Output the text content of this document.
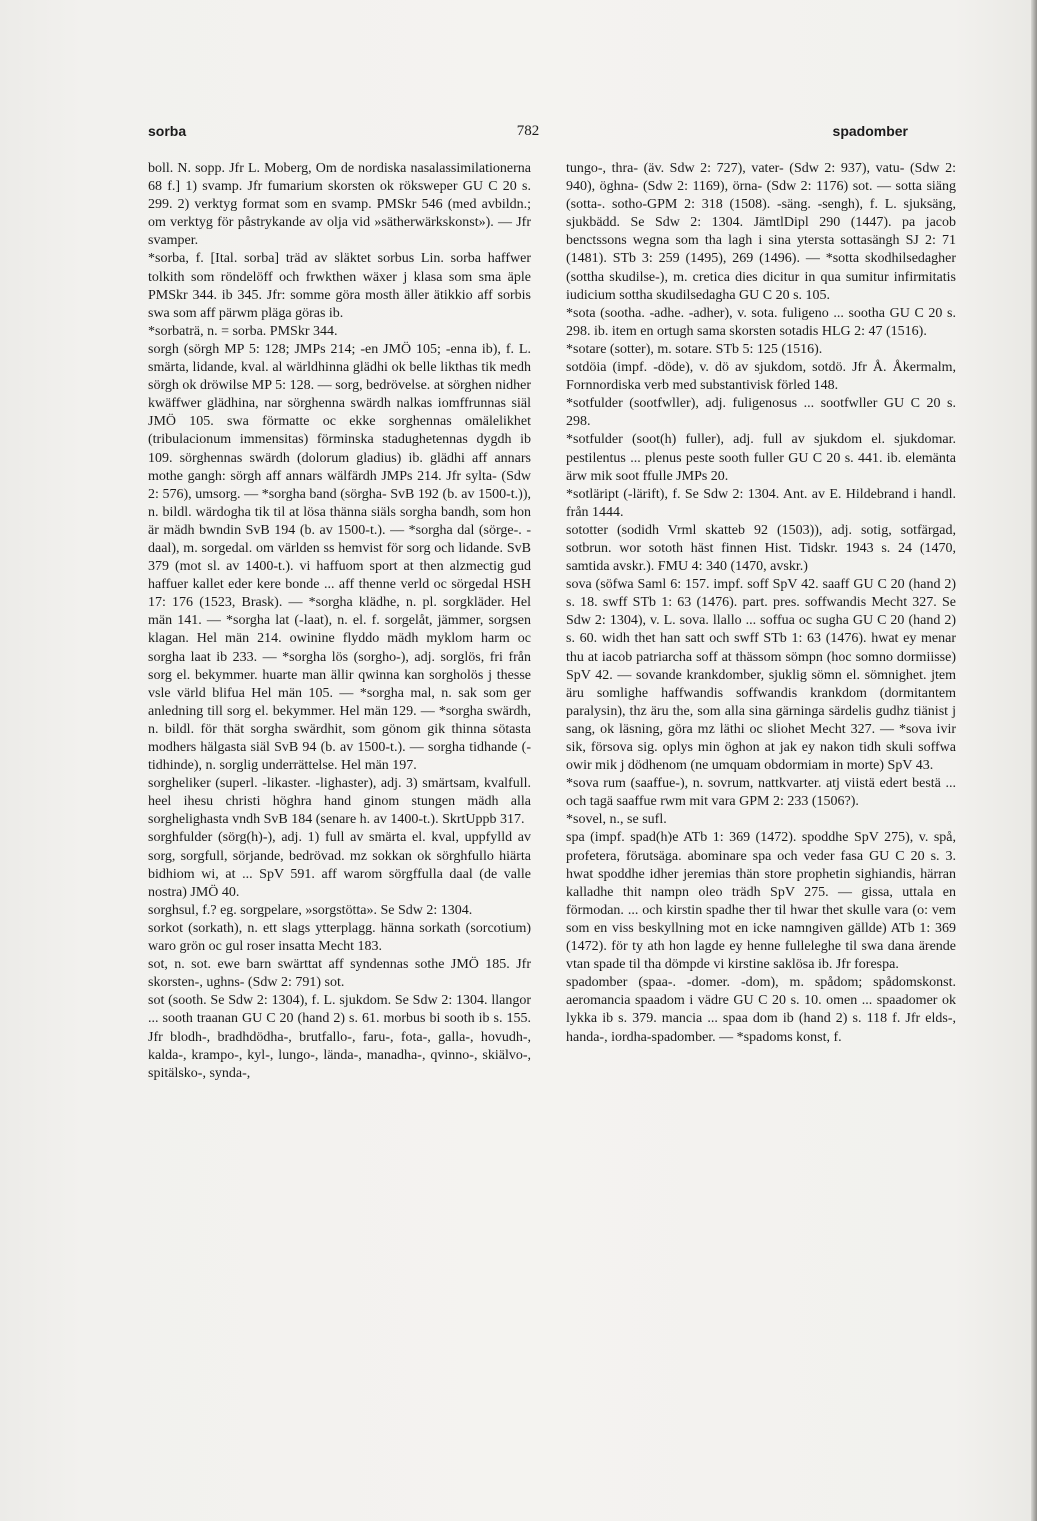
sorba	782	spadomber

boll. N. sopp. Jfr L. Moberg, Om de nordiska nasalassimilationerna 68 f.] 1) svamp. Jfr fumarium skorsten ok röksweper GU C 20 s. 299. 2) verktyg format som en svamp. PMSkr 546 (med avbildn.; om verktyg för påstrykande av olja vid »sätherwärkskonst»). — Jfr svamper.

*sorba, f. [Ital. sorba] träd av släktet sorbus Lin. sorba haffwer tolkith som röndelöff och frwkthen wäxer j klasa som sma äple PMSkr 344. ib 345. Jfr: somme göra mosth äller ätikkio aff sorbis swa som aff pärwm pläga göras ib.

*sorbaträ, n. = sorba. PMSkr 344.

sorgh (sörgh MP 5: 128; JMPs 214; -en JMÖ 105; -enna ib), f. L. smärta, lidande, kval. al wärldhinna glädhi ok belle likthas tik medh sörgh ok dröwilse MP 5: 128. — sorg, bedrövelse. at sörghen nidher kwäffwer glädhina, nar sörghenna swärdh nalkas iomffrunnas siäl JMÖ 105. swa förmatte oc ekke sorghennas omälelikhet (tribulacionum immensitas) förminska stadughetennas dygdh ib 109. sörghennas swärdh (dolorum gladius) ib. glädhi aff annars mothe gangh: sörgh aff annars wälfärdh JMPs 214. Jfr sylta- (Sdw 2: 576), umsorg. — *sorgha band (sörgha- SvB 192 (b. av 1500-t.)), n. bildl. wärdogha tik til at lösa thänna siäls sorgha bandh, som hon är mädh bwndin SvB 194 (b. av 1500-t.). — *sorgha dal (sörge-. -daal), m. sorgedal. om världen ss hemvist för sorg och lidande. SvB 379 (mot sl. av 1400-t.). vi haffuom sport at then alzmectig gud haffuer kallet eder kere bonde ... aff thenne verld oc sörgedal HSH 17: 176 (1523, Brask). — *sorgha klädhe, n. pl. sorgkläder. Hel män 141. — *sorgha lat (-laat), n. el. f. sorgelåt, jämmer, sorgsen klagan. Hel män 214. owinine flyddo mädh myklom harm oc sorgha laat ib 233. — *sorgha lös (sorgho-), adj. sorglös, fri från sorg el. bekymmer. huarte man ällir qwinna kan sorgholös j thesse vsle värld blifua Hel män 105. — *sorgha mal, n. sak som ger anledning till sorg el. bekymmer. Hel män 129. — *sorgha swärdh, n. bildl. för thät sorgha swärdhit, som gönom gik thinna sötasta modhers hälgasta siäl SvB 94 (b. av 1500-t.). — sorgha tidhande (-tidhinde), n. sorglig underrättelse. Hel män 197.

sorgheliker (superl. -likaster. -lighaster), adj. 3) smärtsam, kvalfull. heel ihesu christi höghra hand ginom stungen mädh alla sorghelighasta vndh SvB 184 (senare h. av 1400-t.). SkrtUppb 317.

sorghfulder (sörg(h)-), adj. 1) full av smärta el. kval, uppfylld av sorg, sorgfull, sörjande, bedrövad. mz sokkan ok sörghfullo hiärta bidhiom wi, at ... SpV 591. aff warom sörgffulla daal (de valle nostra) JMÖ 40.

sorghsul, f.? eg. sorgpelare, »sorgstötta». Se Sdw 2: 1304.

sorkot (sorkath), n. ett slags ytterplagg. hänna sorkath (sorcotium) waro grön oc gul roser insatta Mecht 183.

sot, n. sot. ewe barn swärttat aff syndennas sothe JMÖ 185. Jfr skorsten-, ughns- (Sdw 2: 791) sot.

sot (sooth. Se Sdw 2: 1304), f. L. sjukdom. Se Sdw 2: 1304. llangor ... sooth traanan GU C 20 (hand 2) s. 61. morbus bi sooth ib s. 155. Jfr blodh-, bradhdödha-, brutfallo-, faru-, fota-, galla-, hovudh-, kalda-, krampo-, kyl-, lungo-, lända-, manadha-, qvinno-, skiälvo-, spitälsko-, synda-,

tungo-, thra- (äv. Sdw 2: 727), vater- (Sdw 2: 937), vatu- (Sdw 2: 940), öghna- (Sdw 2: 1169), örna- (Sdw 2: 1176) sot. — sotta siäng (sotta-. sotho-GPM 2: 318 (1508). -säng. -sengh), f. L. sjuksäng, sjukbädd. Se Sdw 2: 1304. JämtlDipl 290 (1447). pa jacob benctssons wegna som tha lagh i sina ytersta sottasängh SJ 2: 71 (1481). STb 3: 259 (1495), 269 (1496). — *sotta skodhilsedagher (sottha skudilse-), m. cretica dies dicitur in qua sumitur infirmitatis iudicium sottha skudilsedagha GU C 20 s. 105.

*sota (sootha. -adhe. -adher), v. sota. fuligeno ... sootha GU C 20 s. 298. ib. item en ortugh sama skorsten sotadis HLG 2: 47 (1516).

*sotare (sotter), m. sotare. STb 5: 125 (1516).

sotdöia (impf. -döde), v. dö av sjukdom, sotdö. Jfr Å. Åkermalm, Fornnordiska verb med substantivisk förled 148.

*sotfulder (sootfwller), adj. fuligenosus ... sootfwller GU C 20 s. 298.

*sotfulder (soot(h) fuller), adj. full av sjukdom el. sjukdomar. pestilentus ... plenus peste sooth fuller GU C 20 s. 441. ib. elemänta ärw mik soot ffulle JMPs 20.

*sotläript (-lärift), f. Se Sdw 2: 1304. Ant. av E. Hildebrand i handl. från 1444.

sototter (sodidh Vrml skatteb 92 (1503)), adj. sotig, sotfärgad, sotbrun. wor sototh häst finnen Hist. Tidskr. 1943 s. 24 (1470, samtida avskr.). FMU 4: 340 (1470, avskr.)

sova (söfwa Saml 6: 157. impf. soff SpV 42. saaff GU C 20 (hand 2) s. 18. swff STb 1: 63 (1476). part. pres. soffwandis Mecht 327. Se Sdw 2: 1304), v. L. sova. llallo ... soffua oc sugha GU C 20 (hand 2) s. 60. widh thet han satt och swff STb 1: 63 (1476). hwat ey menar thu at iacob patriarcha soff at thässom sömpn (hoc somno dormiisse) SpV 42. — sovande krankdomber, sjuklig sömn el. sömnighet. jtem äru somlighe haffwandis soffwandis krankdom (dormitantem paralysin), thz äru the, som alla sina gärninga särdelis gudhz tiänist j sang, ok läsning, göra mz läthi oc sliohet Mecht 327. — *sova ivir sik, försova sig. oplys min öghon at jak ey nakon tidh skuli soffwa owir mik j dödhenom (ne umquam obdormiam in morte) SpV 43.

*sova rum (saaffue-), n. sovrum, nattkvarter. atj viistä edert bestä ... och tagä saaffue rwm mit vara GPM 2: 233 (1506?).

*sovel, n., se sufl.

spa (impf. spad(h)e ATb 1: 369 (1472). spoddhe SpV 275), v. spå, profetera, förutsäga. abominare spa och veder fasa GU C 20 s. 3. hwat spoddhe idher jeremias thän store prophetin sighiandis, härran kalladhe thit nampn oleo trädh SpV 275. — gissa, uttala en förmodan. ... och kirstin spadhe ther til hwar thet skulle vara (o: vem som en viss beskyllning mot en icke namngiven gällde) ATb 1: 369 (1472). för ty ath hon lagde ey henne fulleleghe til swa dana ärende vtan spade til tha dömpde vi kirstine saklösa ib. Jfr forespa.

spadomber (spaa-. -domer. -dom), m. spådom; spådomskonst. aeromancia spaadom i vädre GU C 20 s. 10. omen ... spaadomer ok lykka ib s. 379. mancia ... spaa dom ib (hand 2) s. 118 f. Jfr elds-, handa-, iordha-spadomber. — *spadoms konst, f.
